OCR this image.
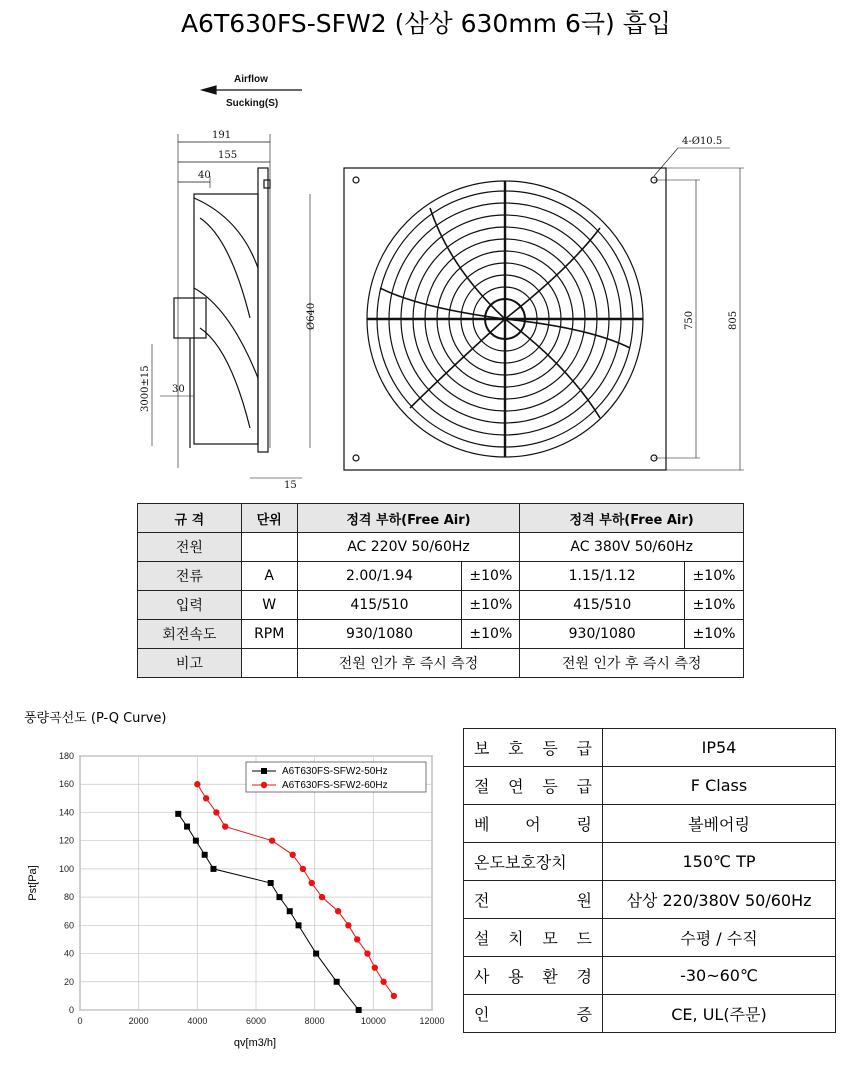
A6T630FS-SFW2 (삼상 630mm 6극) 흡입
Airflow
Sucking(S)
191
155
40
Ø640
3000±15 30
15
4-Ø10.5
750	805
규 격	단위	정격 부하(Free Air)		정격 부하(Free Air)	
전원		AC 220V 50/60Hz		AC 380V 50/60Hz	
전류	A	2.00/1.94	±10%	1.15/1.12	±10%
입력	W	415/510	±10%	415/510	±10%
회전속도	RPM	930/1080	±10%	930/1080	±10%
비고		전원 인가 후 즉시 측정		전원 인가 후 즉시 측정	
풍량곡선도 (P-Q Curve)
0
20
40
60
80
100
120
140
160
180
0	2000	4000	6000	8000	10000	12000
qv[m3/h]
Pst[Pa]
A6T630FS-SFW2-50Hz
A6T630FS-SFW2-60Hz
보 호 등 급	IP54

절 연 등 급	F Class

베 어 링	볼베어링

온도보호장치	150℃ TP

전 원	삼상 220/380V 50/60Hz

설 치 모 드	수평 / 수직

사 용 환 경	-30~60℃

인 증	CE, UL(주문)
